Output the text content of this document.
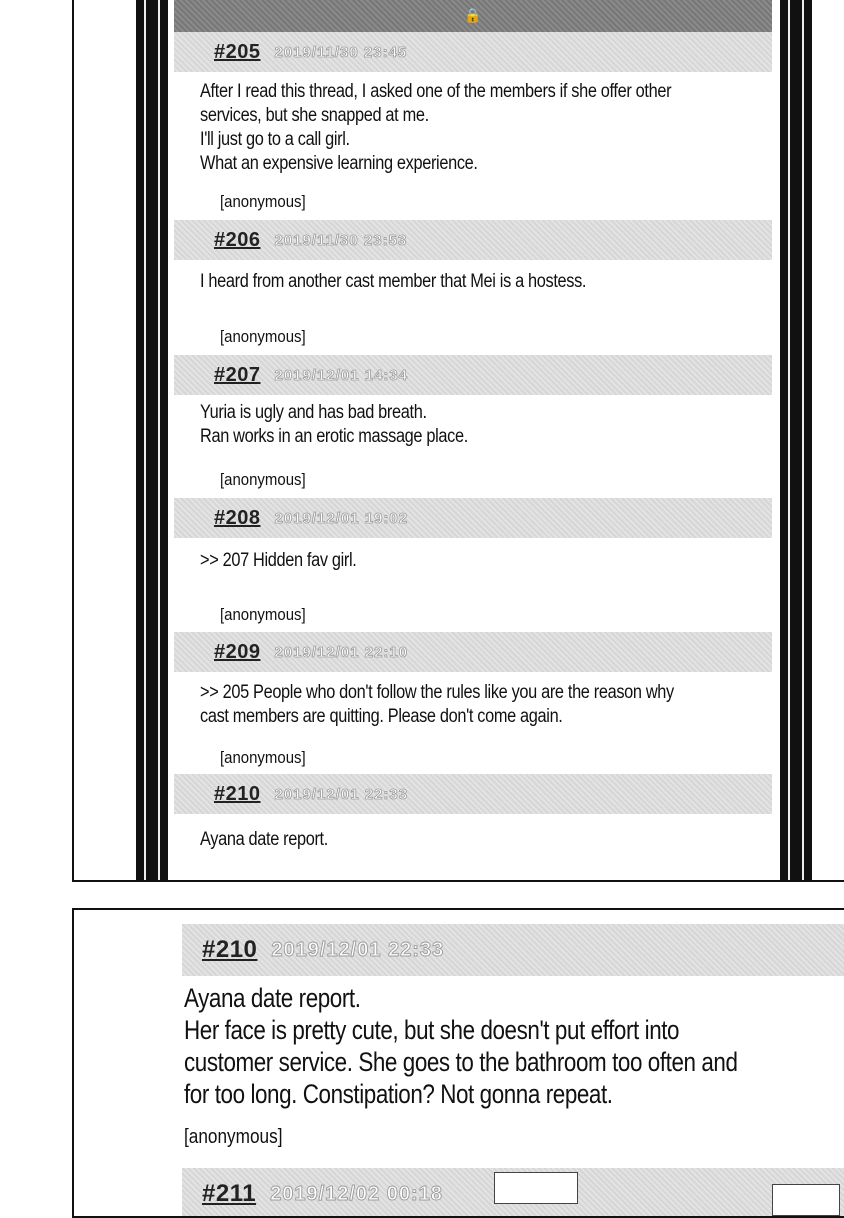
🔒
#205 2019/11/30 23:45
After I read this thread, I asked one of the members if she offer other
services, but she snapped at me.
I'll just go to a call girl.
What an expensive learning experience.
[anonymous]
#206 2019/11/30 23:53
I heard from another cast member that Mei is a hostess.
[anonymous]
#207 2019/12/01 14:34
Yuria is ugly and has bad breath.
Ran works in an erotic massage place.
[anonymous]
#208 2019/12/01 19:02
>> 207 Hidden fav girl.
[anonymous]
#209 2019/12/01 22:10
>> 205 People who don't follow the rules like you are the reason why
cast members are quitting. Please don't come again.
[anonymous]
#210 2019/12/01 22:33
Ayana date report.
#210 2019/12/01 22:33
Ayana date report.
Her face is pretty cute, but she doesn't put effort into
customer service. She goes to the bathroom too often and
for too long. Constipation? Not gonna repeat.
[anonymous]
#211 2019/12/02 00:18
